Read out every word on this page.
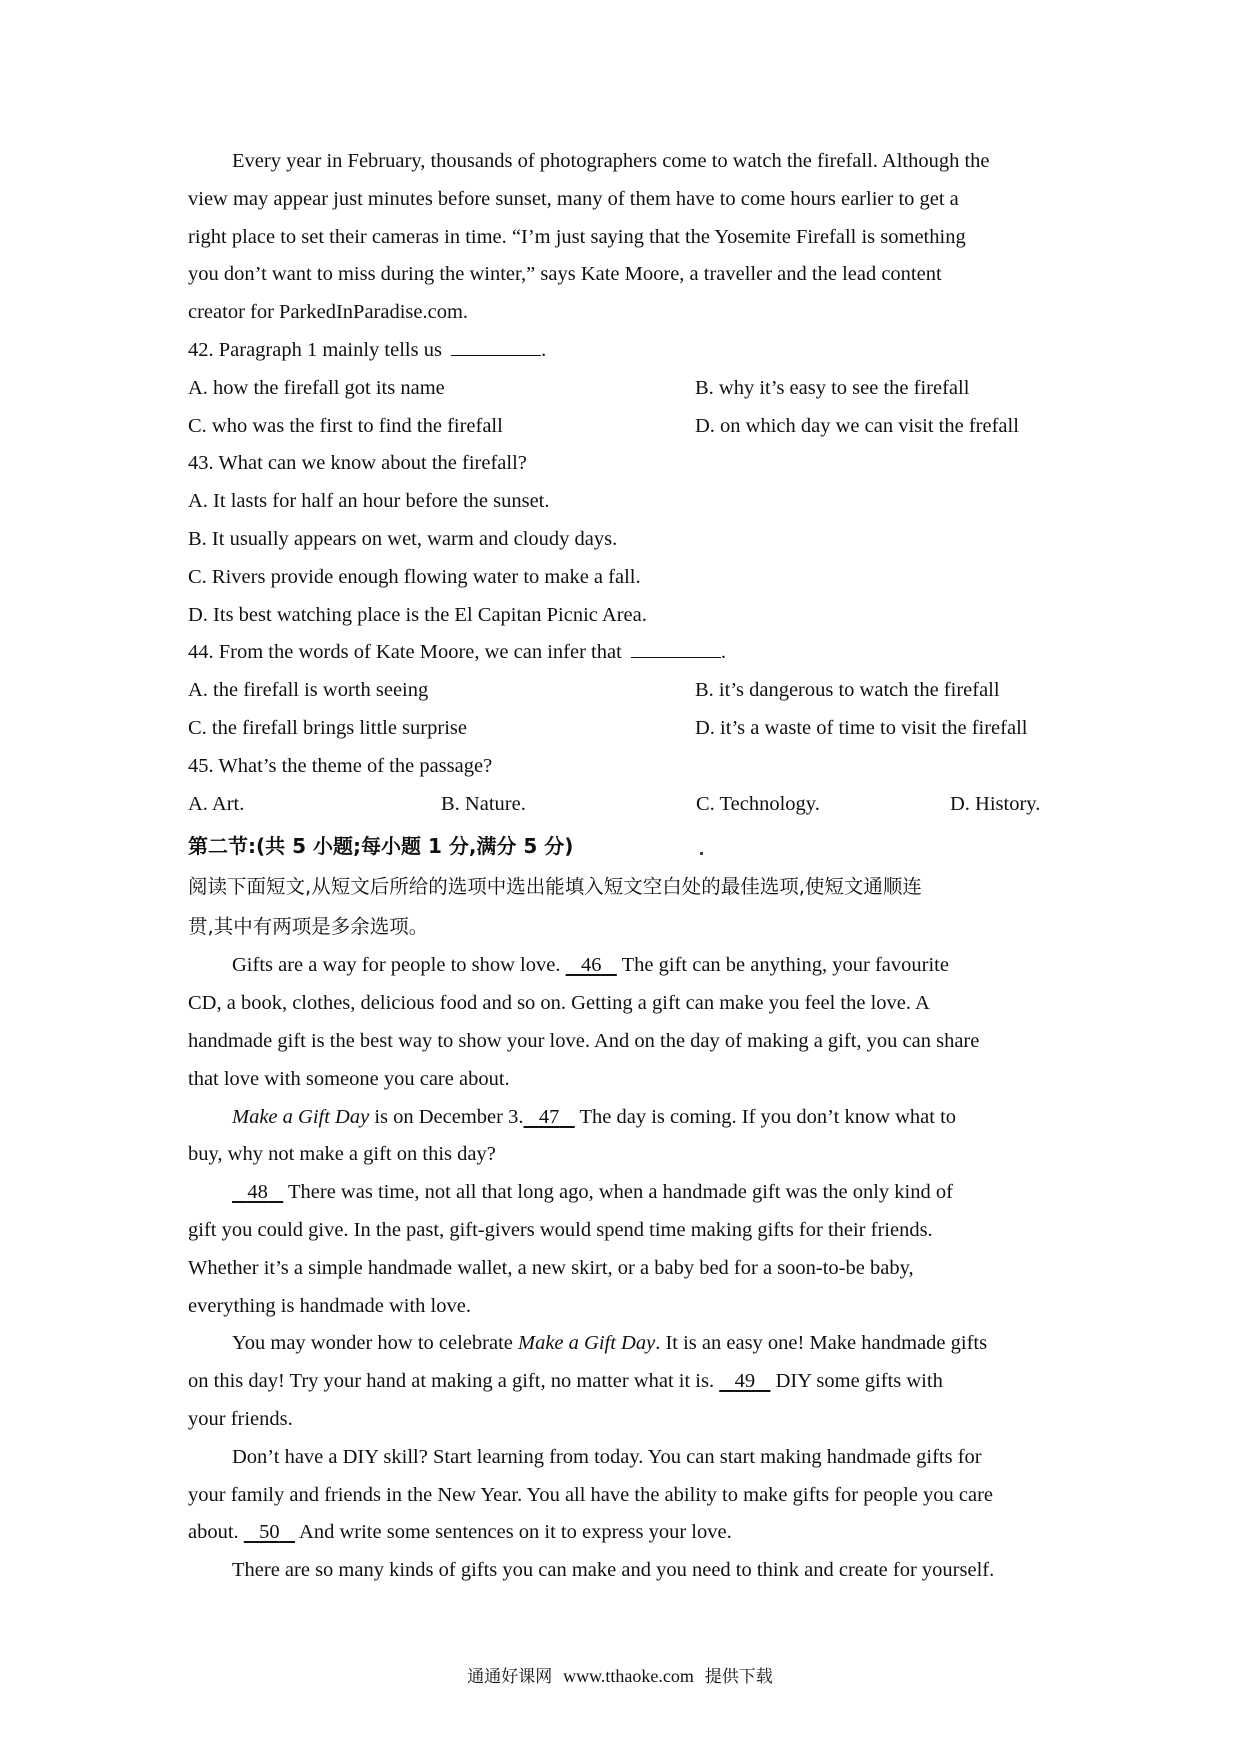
Every year in February, thousands of photographers come to watch the firefall. Although the
view may appear just minutes before sunset, many of them have to come hours earlier to get a
right place to set their cameras in time. “I’m just saying that the Yosemite Firefall is something
you don’t want to miss during the winter,” says Kate Moore, a traveller and the lead content
creator for ParkedInParadise.com.
42. Paragraph 1 mainly tells us	.
A. how the firefall got its name	B. why it’s easy to see the firefall
C. who was the first to find the firefall	D. on which day we can visit the frefall
43. What can we know about the firefall?
A. It lasts for half an hour before the sunset.
B. It usually appears on wet, warm and cloudy days.
C. Rivers provide enough flowing water to make a fall.
D. Its best watching place is the El Capitan Picnic Area.
44. From the words of Kate Moore, we can infer that	.
A. the firefall is worth seeing	B. it’s dangerous to watch the firefall
C. the firefall brings little surprise	D. it’s a waste of time to visit the firefall
45. What’s the theme of the passage?
A. Art.	B. Nature.	C. Technology.	D. History.
第二节:(共 5 小题;每小题 1 分,满分 5 分)
阅读下面短文,从短文后所给的选项中选出能填入短文空白处的最佳选项,使短文通顺连
贯,其中有两项是多余选项。
Gifts are a way for people to show love. 46 The gift can be anything, your favourite
CD, a book, clothes, delicious food and so on. Getting a gift can make you feel the love. A
handmade gift is the best way to show your love. And on the day of making a gift, you can share
that love with someone you care about.
Make a Gift Day is on December 3. 47 The day is coming. If you don’t know what to
buy, why not make a gift on this day?
48 There was time, not all that long ago, when a handmade gift was the only kind of
gift you could give. In the past, gift-givers would spend time making gifts for their friends.
Whether it’s a simple handmade wallet, a new skirt, or a baby bed for a soon-to-be baby,
everything is handmade with love.
You may wonder how to celebrate Make a Gift Day. It is an easy one! Make handmade gifts
on this day! Try your hand at making a gift, no matter what it is. 49 DIY some gifts with
your friends.
Don’t have a DIY skill? Start learning from today. You can start making handmade gifts for
your family and friends in the New Year. You all have the ability to make gifts for people you care
about. 50 And write some sentences on it to express your love.
There are so many kinds of gifts you can make and you need to think and create for yourself.
通通好课网 www.tthaoke.com 提供下载
